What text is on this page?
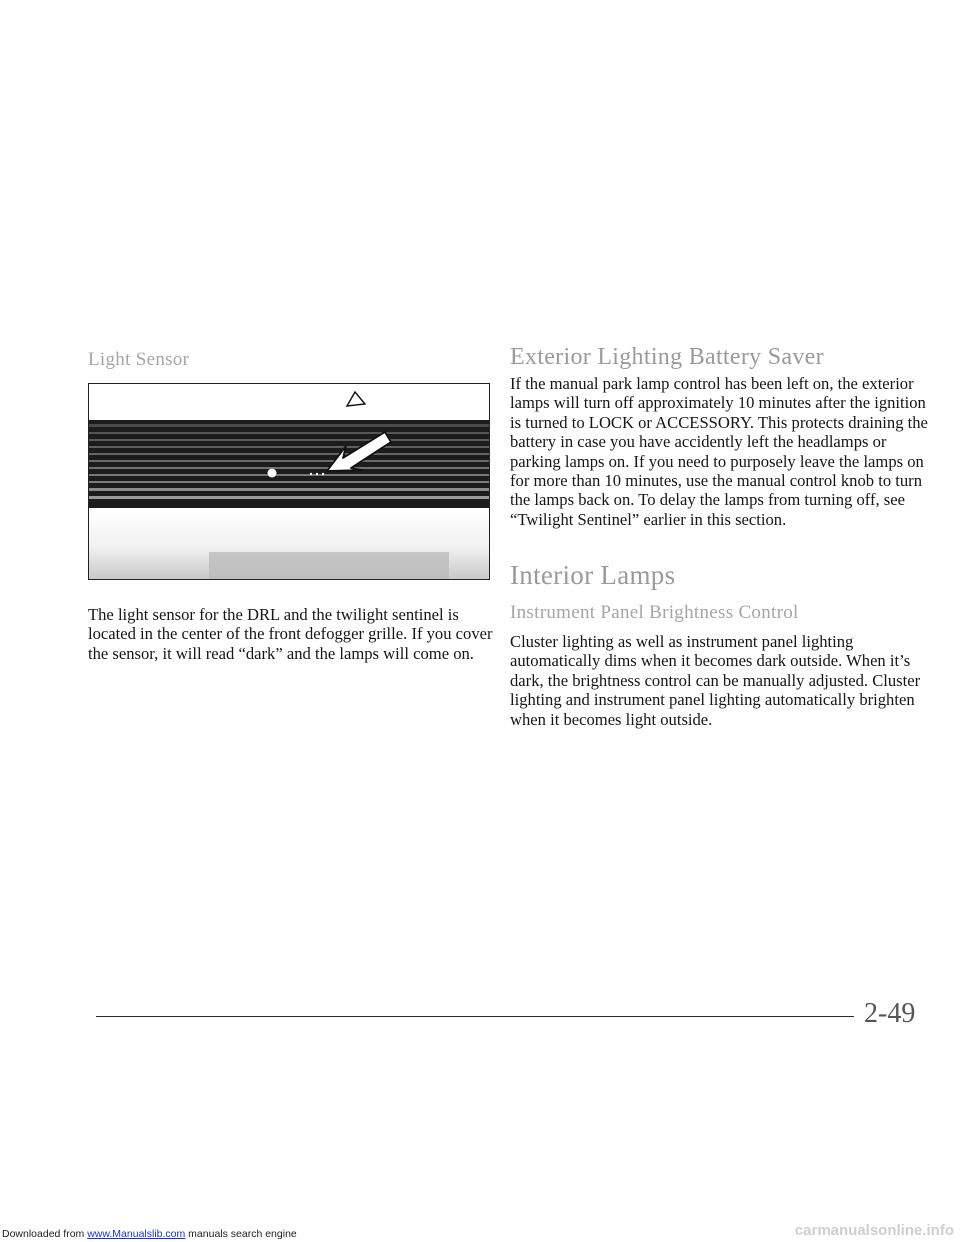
Light Sensor
The light sensor for the DRL and the twilight sentinel is located in the center of the front defogger grille. If you cover the sensor, it will read “dark” and the lamps will come on.
Exterior Lighting Battery Saver
If the manual park lamp control has been left on, the exterior lamps will turn off approximately 10 minutes after the ignition is turned to LOCK or ACCESSORY. This protects draining the battery in case you have accidently left the headlamps or parking lamps on. If you need to purposely leave the lamps on for more than 10 minutes, use the manual control knob to turn the lamps back on. To delay the lamps from turning off, see “Twilight Sentinel” earlier in this section.
Interior Lamps
Instrument Panel Brightness Control
Cluster lighting as well as instrument panel lighting automatically dims when it becomes dark outside. When it’s dark, the brightness control can be manually adjusted. Cluster lighting and instrument panel lighting automatically brighten when it becomes light outside.
2-49
Downloaded from www.Manualslib.com manuals search engine	carmanualsonline.info
